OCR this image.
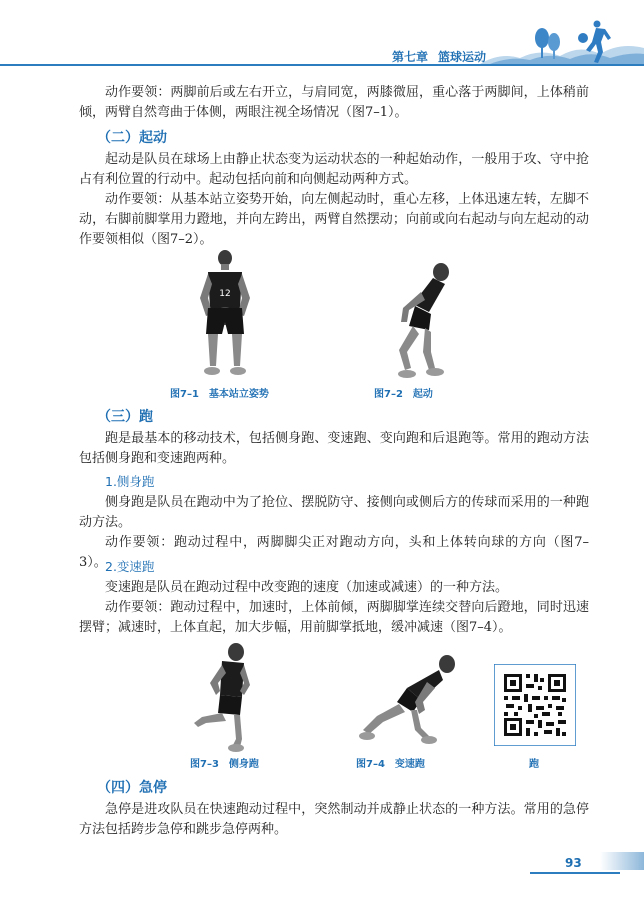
第七章 篮球运动

动作要领：两脚前后或左右开立，与肩同宽，两膝微屈，重心落于两脚间，上体稍前倾，两臂自然弯曲于体侧，两眼注视全场情况（图7–1）。

（二）起动

起动是队员在球场上由静止状态变为运动状态的一种起始动作，一般用于攻、守中抢占有利位置的行动中。起动包括向前和向侧起动两种方式。

动作要领：从基本站立姿势开始，向左侧起动时，重心左移，上体迅速左转，左脚不动，右脚前脚掌用力蹬地，并向左跨出，两臂自然摆动；向前或向右起动与向左起动的动作要领相似（图7–2）。

12
图7–1　基本站立姿势	图7–2　起动

（三）跑

跑是最基本的移动技术，包括侧身跑、变速跑、变向跑和后退跑等。常用的跑动方法包括侧身跑和变速跑两种。

1.侧身跑

侧身跑是队员在跑动中为了抢位、摆脱防守、接侧向或侧后方的传球而采用的一种跑动方法。

动作要领：跑动过程中，两脚脚尖正对跑动方向，头和上体转向球的方向（图7–3）。

2.变速跑

变速跑是队员在跑动过程中改变跑的速度（加速或减速）的一种方法。

动作要领：跑动过程中，加速时，上体前倾，两脚脚掌连续交替向后蹬地，同时迅速摆臂；减速时，上体直起，加大步幅，用前脚掌抵地，缓冲减速（图7–4）。

图7–3　侧身跑	图7–4　变速跑	跑

（四）急停

急停是进攻队员在快速跑动过程中，突然制动并成静止状态的一种方法。常用的急停方法包括跨步急停和跳步急停两种。

93
